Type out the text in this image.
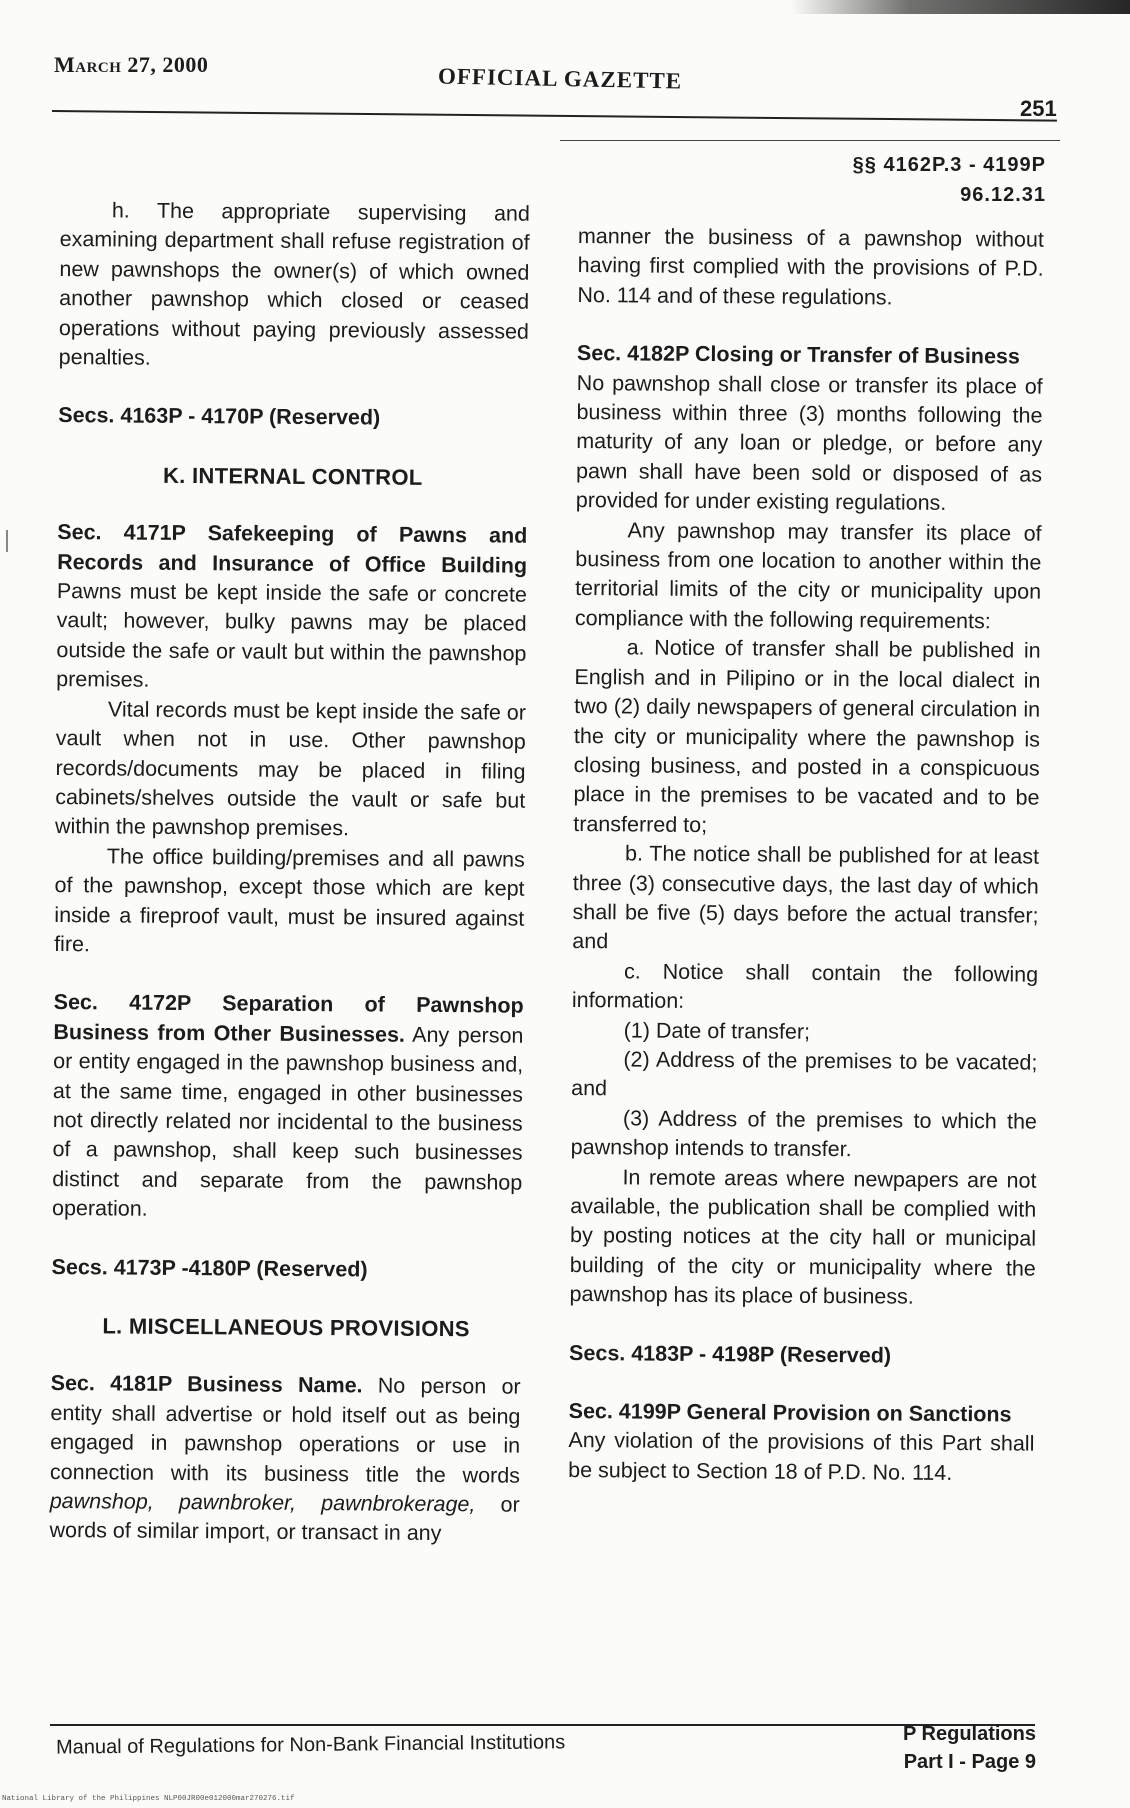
March 27, 2000	OFFICIAL GAZETTE
251
§§ 4162P.3 - 4199P
96.12.31

h. The appropriate supervising and examining department shall refuse registration of new pawnshops the owner(s) of which owned another pawnshop which closed or ceased operations without paying previously assessed penalties.

Secs. 4163P - 4170P (Reserved)

K. INTERNAL CONTROL

Sec. 4171P Safekeeping of Pawns and Records and Insurance of Office Building Pawns must be kept inside the safe or concrete vault; however, bulky pawns may be placed outside the safe or vault but within the pawnshop premises.

Vital records must be kept inside the safe or vault when not in use. Other pawnshop records/documents may be placed in filing cabinets/shelves outside the vault or safe but within the pawnshop premises.

The office building/premises and all pawns of the pawnshop, except those which are kept inside a fireproof vault, must be insured against fire.

Sec. 4172P Separation of Pawnshop Business from Other Businesses. Any person or entity engaged in the pawnshop business and, at the same time, engaged in other businesses not directly related nor incidental to the business of a pawnshop, shall keep such businesses distinct and separate from the pawnshop operation.

Secs. 4173P -4180P (Reserved)

L. MISCELLANEOUS PROVISIONS

Sec. 4181P Business Name. No person or entity shall advertise or hold itself out as being engaged in pawnshop operations or use in connection with its business title the words pawnshop, pawnbroker, pawnbrokerage, or words of similar import, or transact in any

manner the business of a pawnshop without having first complied with the provisions of P.D. No. 114 and of these regulations.

Sec. 4182P Closing or Transfer of Business

No pawnshop shall close or transfer its place of business within three (3) months following the maturity of any loan or pledge, or before any pawn shall have been sold or disposed of as provided for under existing regulations.

Any pawnshop may transfer its place of business from one location to another within the territorial limits of the city or municipality upon compliance with the following requirements:

a. Notice of transfer shall be published in English and in Pilipino or in the local dialect in two (2) daily newspapers of general circulation in the city or municipality where the pawnshop is closing business, and posted in a conspicuous place in the premises to be vacated and to be transferred to;

b. The notice shall be published for at least three (3) consecutive days, the last day of which shall be five (5) days before the actual transfer; and

c. Notice shall contain the following information:

(1) Date of transfer;

(2) Address of the premises to be vacated; and

(3) Address of the premises to which the pawnshop intends to transfer.

In remote areas where newpapers are not available, the publication shall be complied with by posting notices at the city hall or municipal building of the city or municipality where the pawnshop has its place of business.

Secs. 4183P - 4198P (Reserved)

Sec. 4199P General Provision on Sanctions

Any violation of the provisions of this Part shall be subject to Section 18 of P.D. No. 114.

Manual of Regulations for Non-Bank Financial Institutions	P Regulations
Part I - Page 9
National Library of the Philippines NLP00JR00e012000mar270276.tif
